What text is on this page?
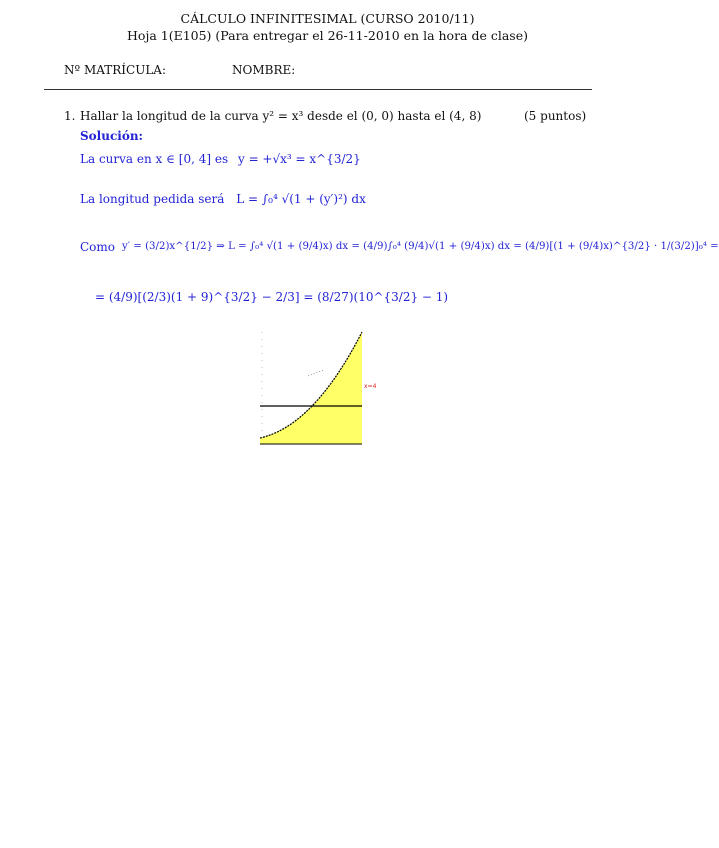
CÁLCULO INFINITESIMAL (CURSO 2010/11)
Hoja 1(E105) (Para entregar el 26-11-2010 en la hora de clase)
Nº MATRÍCULA:	NOMBRE:
1. Hallar la longitud de la curva y² = x³ desde el (0, 0) hasta el (4, 8)	(5 puntos)
Solución:
La curva en x ∈ [0, 4] es y = +√x³ = x^{3/2}
La longitud pedida será L = ∫₀⁴ √(1 + (y′)²) dx
Como y′ = (3/2)x^{1/2} ⇒ L = ∫₀⁴ √(1 + (9/4)x) dx = (4/9)∫₀⁴ (9/4)√(1 + (9/4)x) dx = (4/9)[(1 + (9/4)x)^{3/2} · 1/(3/2)]₀⁴ =
= (4/9)[(2/3)(1 + 9)^{3/2} − 2/3] = (8/27)(10^{3/2} − 1)
x=4
